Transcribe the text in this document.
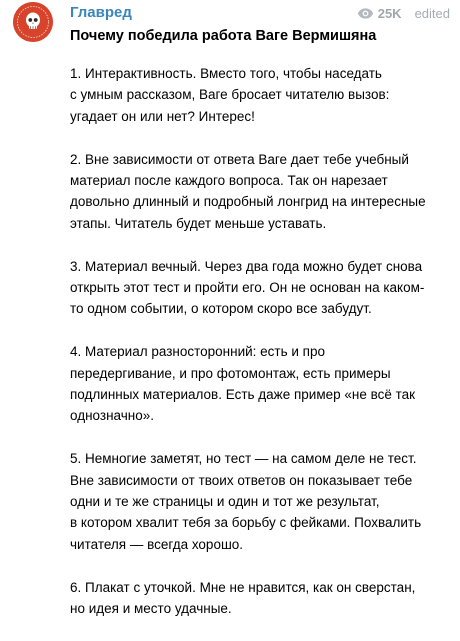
Главред	25K edited
Почему победила работа Ваге Вермишяна
1. Интерактивность. Вместо того, чтобы наседать
с умным рассказом, Ваге бросает читателю вызов:
угадает он или нет? Интерес!
2. Вне зависимости от ответа Ваге дает тебе учебный
материал после каждого вопроса. Так он нарезает
довольно длинный и подробный лонгрид на интересные
этапы. Читатель будет меньше уставать.
3. Материал вечный. Через два года можно будет снова
открыть этот тест и пройти его. Он не основан на каком-
то одном событии, о котором скоро все забудут.
4. Материал разносторонний: есть и про
передергивание, и про фотомонтаж, есть примеры
подлинных материалов. Есть даже пример «не всё так
однозначно».
5. Немногие заметят, но тест — на самом деле не тест.
Вне зависимости от твоих ответов он показывает тебе
одни и те же страницы и один и тот же результат,
в котором хвалит тебя за борьбу с фейками. Похвалить
читателя — всегда хорошо.
6. Плакат с уточкой. Мне не нравится, как он сверстан,
но идея и место удачные.
